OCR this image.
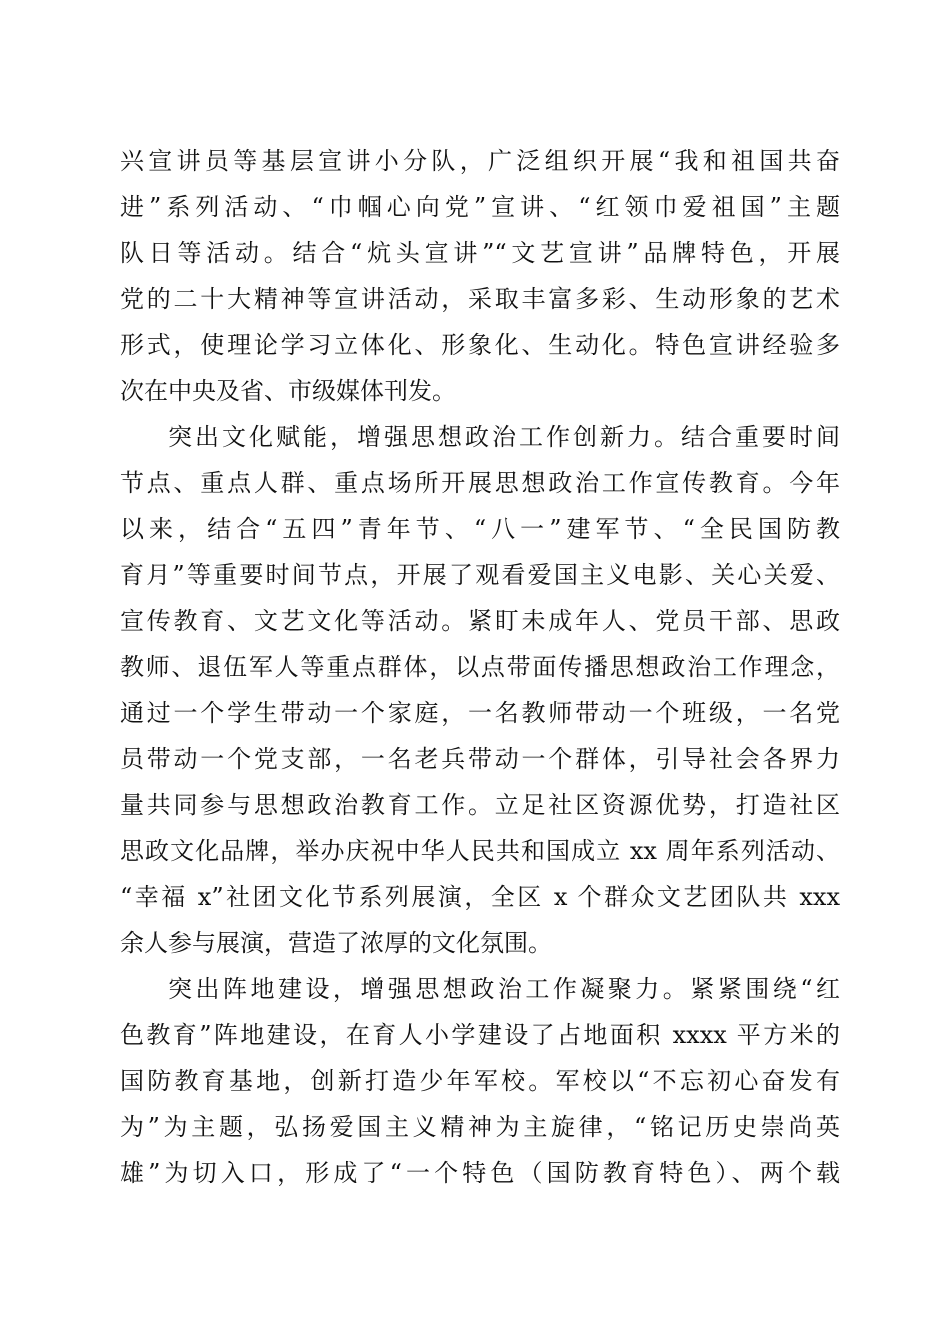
兴宣讲员等基层宣讲小分队，广泛组织开展“我和祖国共奋
进”系列活动、“巾帼心向党”宣讲、“红领巾爱祖国”主题
队日等活动。结合“炕头宣讲”“文艺宣讲”品牌特色，开展
党的二十大精神等宣讲活动，采取丰富多彩、生动形象的艺术
形式，使理论学习立体化、形象化、生动化。特色宣讲经验多
次在中央及省、市级媒体刊发。
突出文化赋能，增强思想政治工作创新力。结合重要时间
节点、重点人群、重点场所开展思想政治工作宣传教育。今年
以来，结合“五四”青年节、“八一”建军节、“全民国防教
育月”等重要时间节点，开展了观看爱国主义电影、关心关爱、
宣传教育、文艺文化等活动。紧盯未成年人、党员干部、思政
教师、退伍军人等重点群体，以点带面传播思想政治工作理念，
通过一个学生带动一个家庭，一名教师带动一个班级，一名党
员带动一个党支部，一名老兵带动一个群体，引导社会各界力
量共同参与思想政治教育工作。立足社区资源优势，打造社区
思政文化品牌，举办庆祝中华人民共和国成立 xx 周年系列活动、
“幸福 x”社团文化节系列展演，全区 x 个群众文艺团队共 xxx
余人参与展演，营造了浓厚的文化氛围。
突出阵地建设，增强思想政治工作凝聚力。紧紧围绕“红
色教育”阵地建设，在育人小学建设了占地面积 xxxx 平方米的
国防教育基地，创新打造少年军校。军校以“不忘初心奋发有
为”为主题，弘扬爱国主义精神为主旋律，“铭记历史崇尚英
雄”为切入口，形成了“一个特色（国防教育特色）、两个载
